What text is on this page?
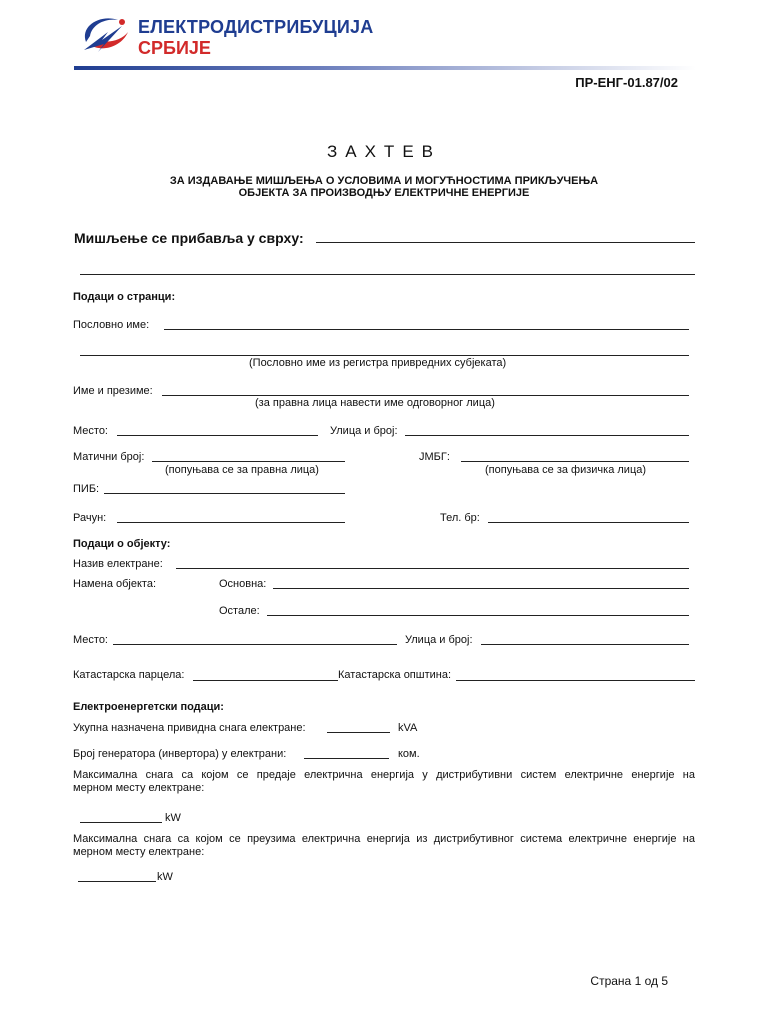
ЕЛЕКТРОДИСТРИБУЦИЈА
СРБИЈЕ
ПР-ЕНГ-01.87/02
ЗАХТЕВ
ЗА ИЗДАВАЊЕ МИШЉЕЊА О УСЛОВИМА И МОГУЋНОСТИМА ПРИКЉУЧЕЊА
ОБЈЕКТА ЗА ПРОИЗВОДЊУ ЕЛЕКТРИЧНЕ ЕНЕРГИЈЕ
Мишљење се прибавља у сврху:
Подаци о странци:
Пословно име:
(Пословно име из регистра привредних субјеката)
Име и презиме:
(за правна лица навести име одговорног лица)
Место:	Улица и број:
Матични број:
(попуњава се за правна лица)
ЈМБГ:
(попуњава се за физичка лица)
ПИБ:
Рачун:	Тел. бр:
Подаци о објекту:
Назив електране:
Намена објекта:	Основна:
Остале:
Место:	Улица и број:
Катастарска парцела:	Катастарска општина:
Електроенергетски подаци:
Укупна назначена привидна снага електране:	kVA
Број генератора (инвертора) у електрани:	ком.
Максимална снага са којом се предаје електрична енергија у дистрибутивни систем електричне енергије на
мерном месту електране:
kW
Максимална снага са којом се преузима електрична енергија из дистрибутивног система електричне енергије на
мерном месту електране:
kW
Страна 1 од 5
